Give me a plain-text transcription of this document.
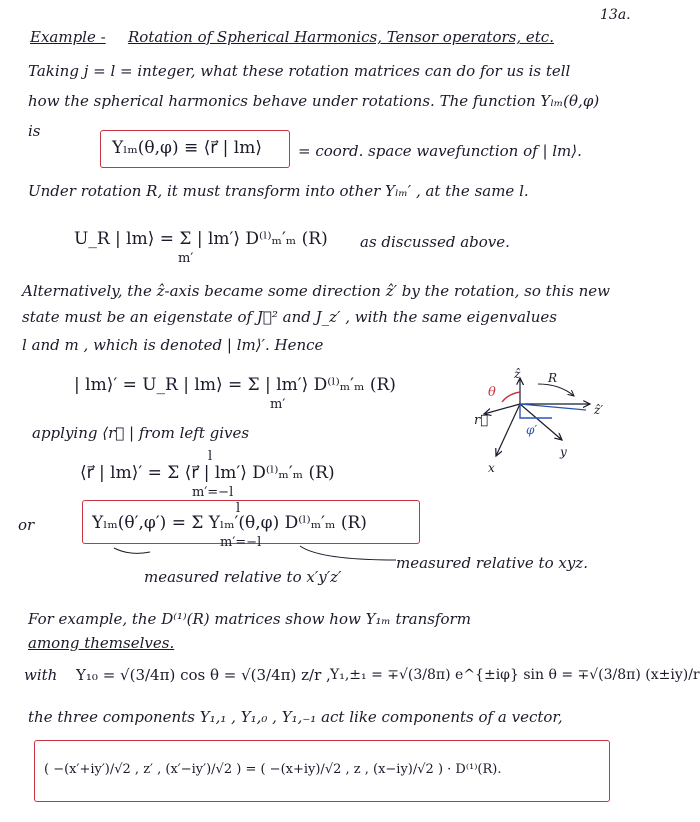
13a.
Example - Rotation of Spherical Harmonics, Tensor operators, etc.
Taking j = l = integer, what these rotation matrices can do for us is tell
how the spherical harmonics behave under rotations. The function Yₗₘ(θ,φ)
is
Yₗₘ(θ,φ) ≡ ⟨r⃗ | lm⟩ = coord. space wavefunction of | lm⟩.
Under rotation R, it must transform into other Yₗₘ′ , at the same l.
U_R | lm⟩ = Σ | lm′⟩ D⁽ˡ⁾ₘ′ₘ (R)
m′
as discussed above.
Alternatively, the ẑ-axis became some direction ẑ′ by the rotation, so this new
state must be an eigenstate of J⃗² and J_z′ , with the same eigenvalues
l and m , which is denoted | lm⟩′. Hence
| lm⟩′ = U_R | lm⟩ = Σ | lm′⟩ D⁽ˡ⁾ₘ′ₘ (R)
m′
applying ⟨r⃗ | from left gives
l
⟨r⃗ | lm⟩′ = Σ ⟨r⃗ | lm′⟩ D⁽ˡ⁾ₘ′ₘ (R)
m′=−l
or
l
Yₗₘ(θ′,φ′) = Σ Yₗₘ′(θ,φ) D⁽ˡ⁾ₘ′ₘ (R)
m′=−l
measured relative to xyz.
measured relative to x′y′z′
For example, the D⁽¹⁾(R) matrices show how Y₁ₘ transform
among themselves.
with Y₁₀ = √(3/4π) cos θ = √(3/4π) z/r , Y₁,±₁ = ∓√(3/8π) e^{±iφ} sin θ = ∓√(3/8π) (x±iy)/r
the three components Y₁,₁ , Y₁,₀ , Y₁,₋₁ act like components of a vector,
( −(x′+iy′)/√2 , z′ , (x′−iy′)/√2 ) = ( −(x+iy)/√2 , z , (x−iy)/√2 ) · D⁽¹⁾(R).
θ
ẑ R
ẑ′
φ′
r⃗
x
y
